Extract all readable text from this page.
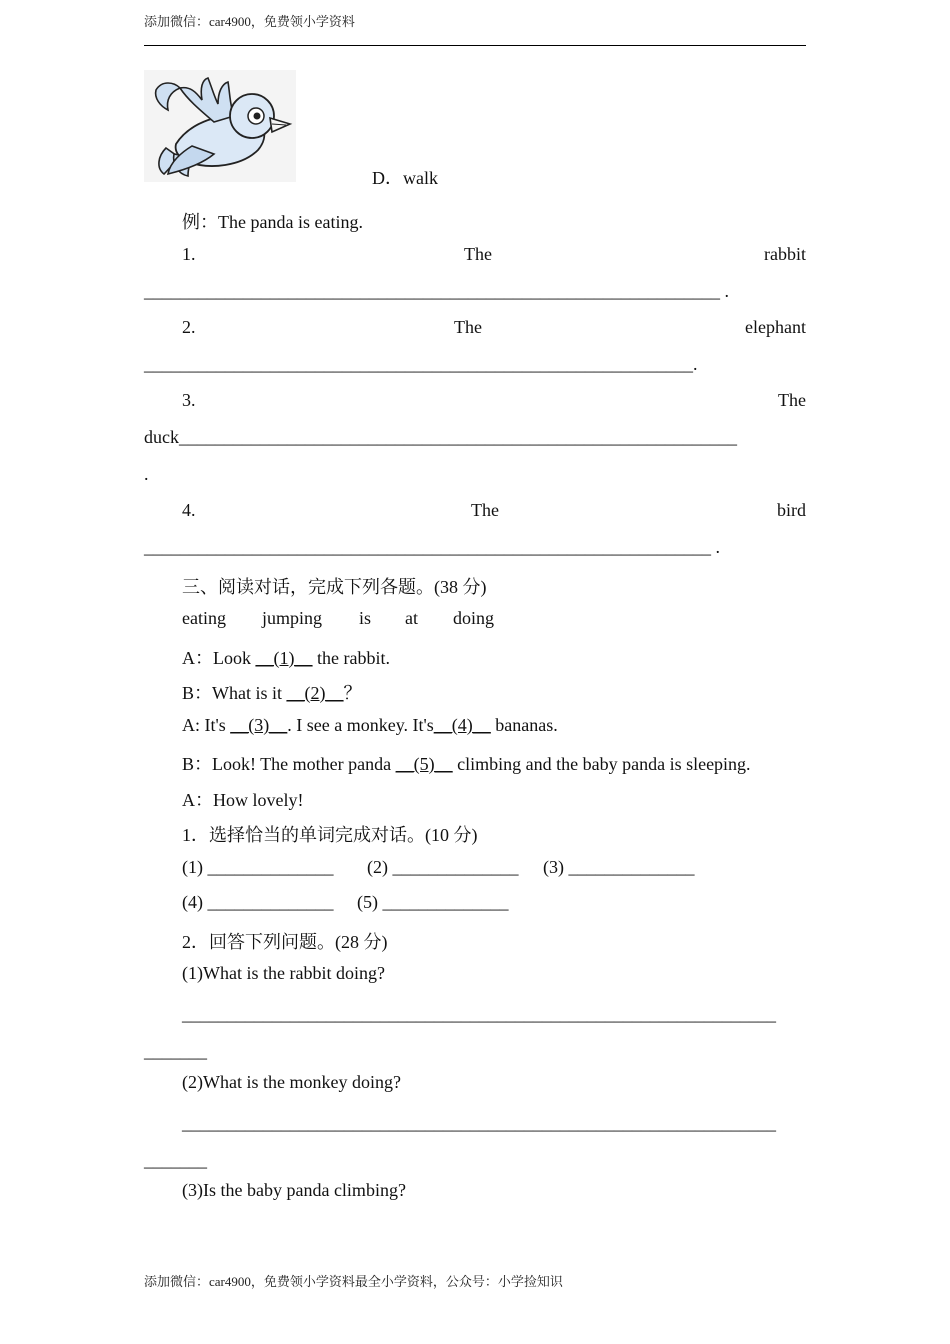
添加微信：car4900，免费领小学资料
D．walk
例：The panda is eating.
1.	The	rabbit
________________________________________________________________ .
2.	The	elephant
_____________________________________________________________.
3.	The
duck______________________________________________________________
.
4.	The	bird
_______________________________________________________________ .
三、阅读对话，完成下列各题。(38 分)
eating jumping is at doing
A：Look __(1)__ the rabbit.
B：What is it __(2)__？
A: It's __(3)__. I see a monkey. It's__(4)__ bananas.
B：Look! The mother panda __(5)__ climbing and the baby panda is sleeping.
A：How lovely!
1．选择恰当的单词完成对话。(10 分)
(1) ______________ (2) ______________ (3) ______________
(4) ______________ (5) ______________
2．回答下列问题。(28 分)
(1)What is the rabbit doing?
__________________________________________________________________
_______
(2)What is the monkey doing?
__________________________________________________________________
_______
(3)Is the baby panda climbing?
添加微信：car4900，免费领小学资料最全小学资料，公众号：小学捡知识
